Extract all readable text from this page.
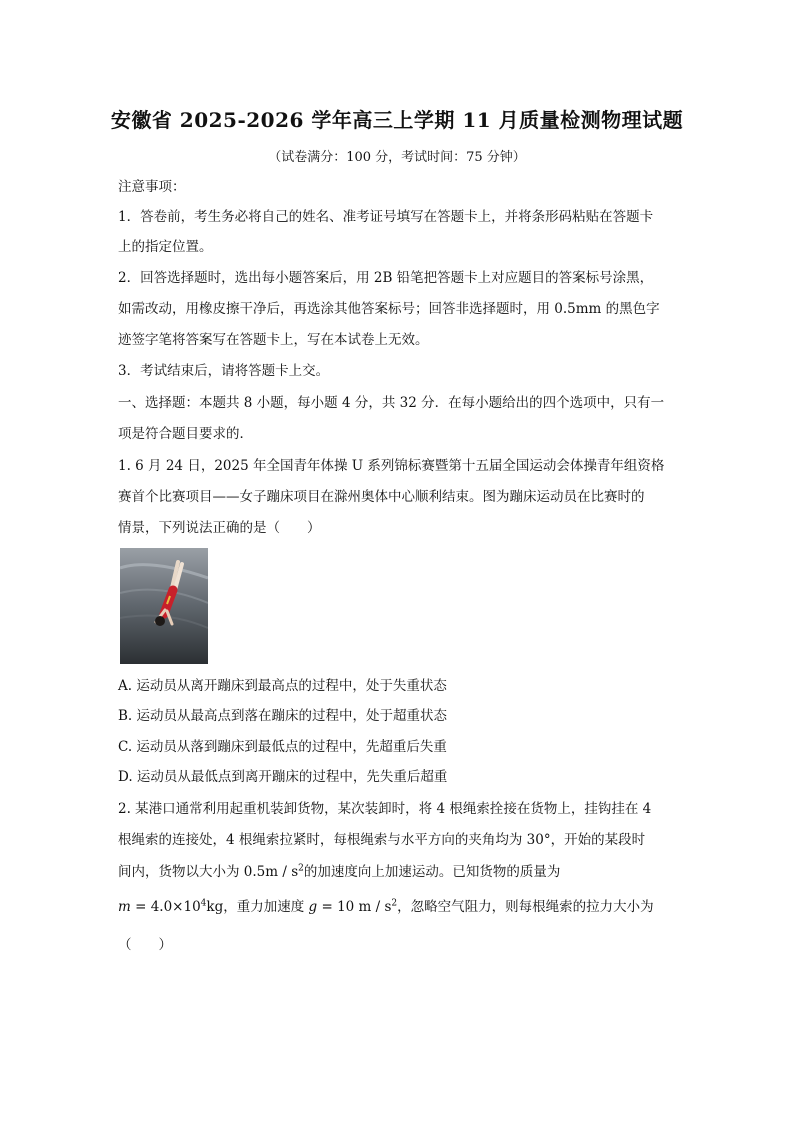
安徽省 2025-2026 学年高三上学期 11 月质量检测物理试题
（试卷满分：100 分，考试时间：75 分钟）
注意事项：
1．答卷前，考生务必将自己的姓名、准考证号填写在答题卡上，并将条形码粘贴在答题卡
上的指定位置。
2．回答选择题时，选出每小题答案后，用 2B 铅笔把答题卡上对应题目的答案标号涂黑，
如需改动，用橡皮擦干净后，再选涂其他答案标号；回答非选择题时，用 0.5mm 的黑色字
迹签字笔将答案写在答题卡上，写在本试卷上无效。
3．考试结束后，请将答题卡上交。
一、选择题：本题共 8 小题，每小题 4 分，共 32 分．在每小题给出的四个选项中，只有一
项是符合题目要求的．
1. 6 月 24 日，2025 年全国青年体操 U 系列锦标赛暨第十五届全国运动会体操青年组资格
赛首个比赛项目——女子蹦床项目在滁州奥体中心顺利结束。图为蹦床运动员在比赛时的
情景，下列说法正确的是（　　）
A. 运动员从离开蹦床到最高点的过程中，处于失重状态
B. 运动员从最高点到落在蹦床的过程中，处于超重状态
C. 运动员从落到蹦床到最低点的过程中，先超重后失重
D. 运动员从最低点到离开蹦床的过程中，先失重后超重
2. 某港口通常利用起重机装卸货物，某次装卸时，将 4 根绳索拴接在货物上，挂钩挂在 4
根绳索的连接处，4 根绳索拉紧时，每根绳索与水平方向的夹角均为 30°，开始的某段时
间内，货物以大小为 $0.5m / s^2$的加速度向上加速运动。已知货物的质量为
$m = 4.0\times 10^4kg$，重力加速度 g = 10 m / $s^2$，忽略空气阻力，则每根绳索的拉力大小为
（　　）
